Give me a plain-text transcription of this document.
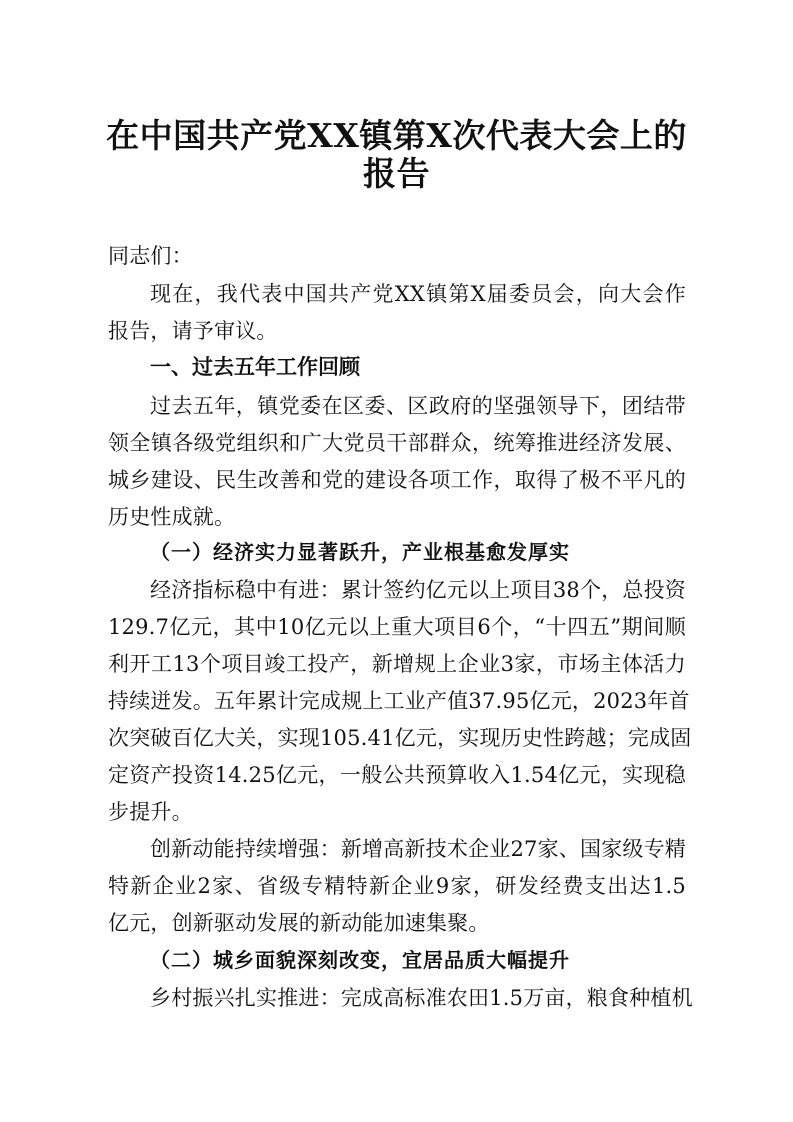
在中国共产党XX镇第X次代表大会上的
报告
同志们：
现在，我代表中国共产党XX镇第X届委员会，向大会作
报告，请予审议。
一、过去五年工作回顾
过去五年，镇党委在区委、区政府的坚强领导下，团结带
领全镇各级党组织和广大党员干部群众，统筹推进经济发展、
城乡建设、民生改善和党的建设各项工作，取得了极不平凡的
历史性成就。
（一）经济实力显著跃升，产业根基愈发厚实
经济指标稳中有进：累计签约亿元以上项目38个，总投资
129.7亿元，其中10亿元以上重大项目6个，“十四五”期间顺
利开工13个项目竣工投产，新增规上企业3家，市场主体活力
持续迸发。五年累计完成规上工业产值37.95亿元，2023年首
次突破百亿大关，实现105.41亿元，实现历史性跨越；完成固
定资产投资14.25亿元，一般公共预算收入1.54亿元，实现稳
步提升。
创新动能持续增强：新增高新技术企业27家、国家级专精
特新企业2家、省级专精特新企业9家，研发经费支出达1.5
亿元，创新驱动发展的新动能加速集聚。
（二）城乡面貌深刻改变，宜居品质大幅提升
乡村振兴扎实推进：完成高标准农田1.5万亩，粮食种植机
